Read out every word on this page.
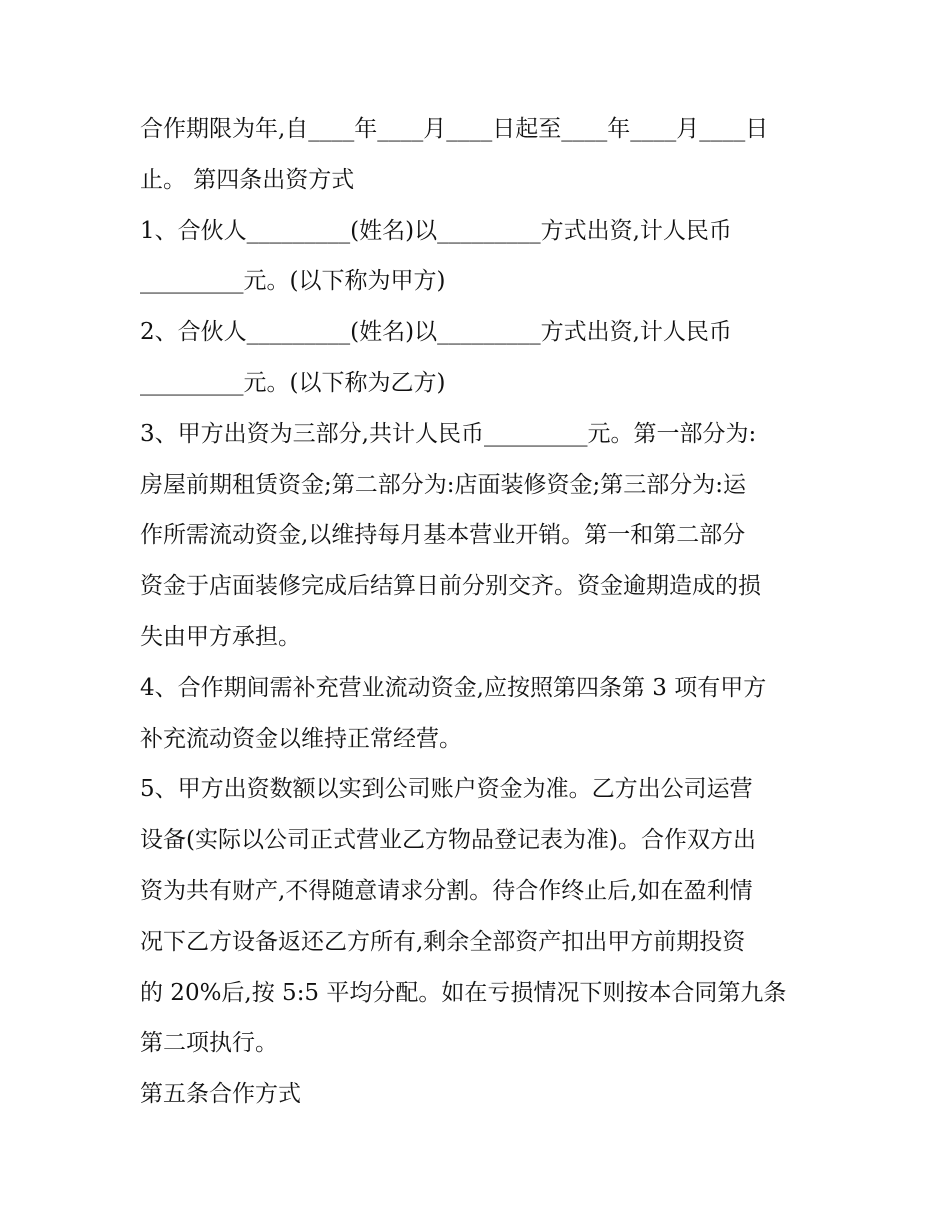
合作期限为年,自____年____月____日起至____年____月____日
止。 第四条出资方式
1、合伙人_________(姓名)以_________方式出资,计人民币
_________元。(以下称为甲方)
2、合伙人_________(姓名)以_________方式出资,计人民币
_________元。(以下称为乙方)
3、甲方出资为三部分,共计人民币_________元。第一部分为:
房屋前期租赁资金;第二部分为:店面装修资金;第三部分为:运
作所需流动资金,以维持每月基本营业开销。第一和第二部分
资金于店面装修完成后结算日前分别交齐。资金逾期造成的损
失由甲方承担。
4、合作期间需补充营业流动资金,应按照第四条第 3 项有甲方
补充流动资金以维持正常经营。
5、甲方出资数额以实到公司账户资金为准。乙方出公司运营
设备(实际以公司正式营业乙方物品登记表为准)。合作双方出
资为共有财产,不得随意请求分割。待合作终止后,如在盈利情
况下乙方设备返还乙方所有,剩余全部资产扣出甲方前期投资
的 20%后,按 5:5 平均分配。如在亏损情况下则按本合同第九条
第二项执行。
第五条合作方式
